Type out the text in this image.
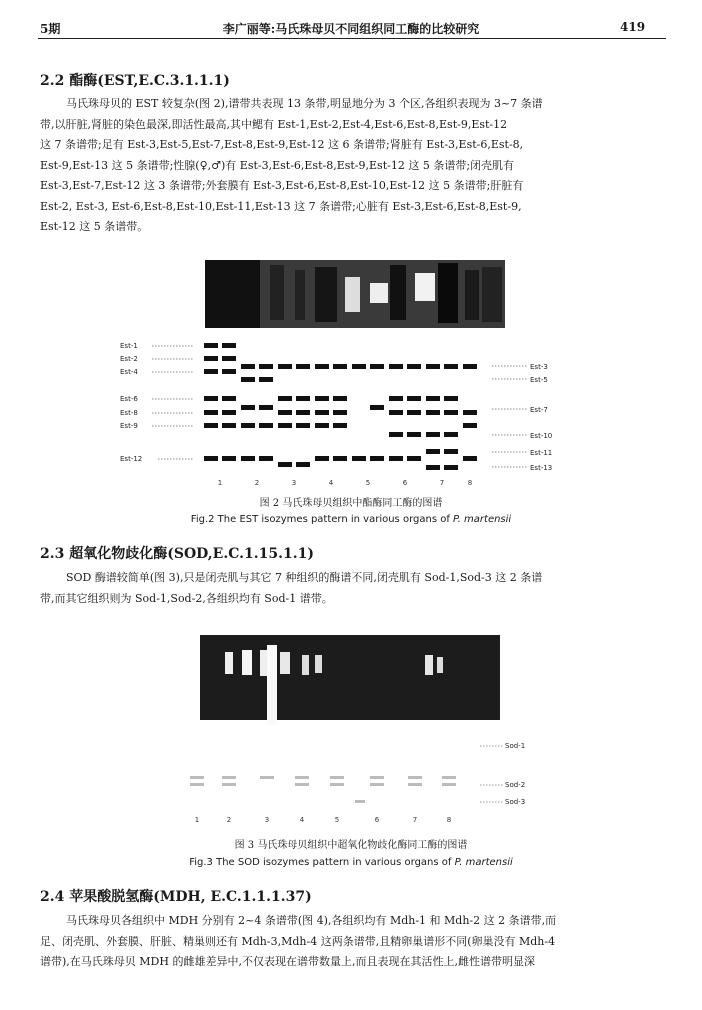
5期	李广丽等:马氏珠母贝不同组织同工酶的比较研究	419
2.2 酯酶(EST,E.C.3.1.1.1)
马氏珠母贝的 EST 较复杂(图 2),谱带共表现 13 条带,明显地分为 3 个区,各组织表现为 3~7 条谱
带,以肝脏,肾脏的染色最深,即活性最高,其中鳃有 Est-1,Est-2,Est-4,Est-6,Est-8,Est-9,Est-12
这 7 条谱带;足有 Est-3,Est-5,Est-7,Est-8,Est-9,Est-12 这 6 条谱带;肾脏有 Est-3,Est-6,Est-8,
Est-9,Est-13 这 5 条谱带;性腺(♀,♂)有 Est-3,Est-6,Est-8,Est-9,Est-12 这 5 条谱带;闭壳肌有
Est-3,Est-7,Est-12 这 3 条谱带;外套膜有 Est-3,Est-6,Est-8,Est-10,Est-12 这 5 条谱带;肝脏有
Est-2, Est-3, Est-6,Est-8,Est-10,Est-11,Est-13 这 7 条谱带;心脏有 Est-3,Est-6,Est-8,Est-9,
Est-12 这 5 条谱带。
Est-1
Est-2
Est-4
Est-6
Est-8
Est-9
Est-12
Est-3
Est-5
Est-7
Est-10
Est-11
Est-13
1	2	3	4	5	6	7	8
图 2 马氏珠母贝组织中酯酶同工酶的图谱
Fig.2 The EST isozymes pattern in various organs of P. martensii
2.3 超氧化物歧化酶(SOD,E.C.1.15.1.1)
SOD 酶谱较简单(图 3),只是闭壳肌与其它 7 种组织的酶谱不同,闭壳肌有 Sod-1,Sod-3 这 2 条谱
带,而其它组织则为 Sod-1,Sod-2,各组织均有 Sod-1 谱带。
Sod-1
Sod-2
Sod-3
1	2	3	4	5	6	7	8
图 3 马氏珠母贝组织中超氧化物歧化酶同工酶的图谱
Fig.3 The SOD isozymes pattern in various organs of P. martensii
2.4 苹果酸脱氢酶(MDH, E.C.1.1.1.37)
马氏珠母贝各组织中 MDH 分别有 2~4 条谱带(图 4),各组织均有 Mdh-1 和 Mdh-2 这 2 条谱带,而
足、闭壳肌、外套膜、肝脏、精巢则还有 Mdh-3,Mdh-4 这两条谱带,且精卵巢谱形不同(卵巢没有 Mdh-4
谱带),在马氏珠母贝 MDH 的雌雄差异中,不仅表现在谱带数量上,而且表现在其活性上,雌性谱带明显深
